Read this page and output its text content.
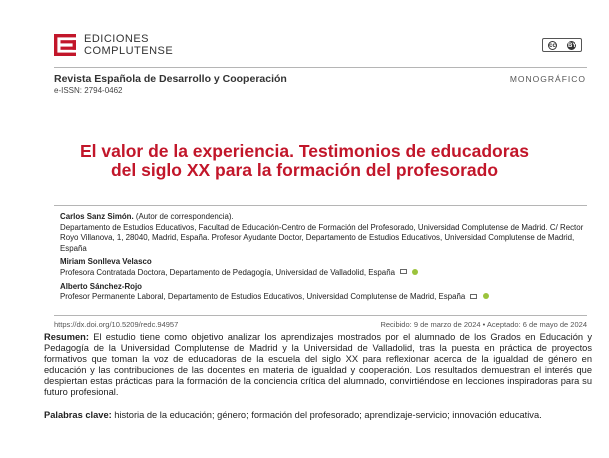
EDICIONES
COMPLUTENSE	cc BY
Revista Española de Desarrollo y Cooperación
e-ISSN: 2794-0462
MONOGRÁFICO
El valor de la experiencia. Testimonios de educadoras
del siglo XX para la formación del profesorado
Carlos Sanz Simón. (Autor de correspondencia).
Departamento de Estudios Educativos, Facultad de Educación-Centro de Formación del Profesorado, Universidad Complutense de Madrid. C/ Rector Royo Villanova, 1, 28040, Madrid, España. Profesor Ayudante Doctor, Departamento de Estudios Educativos, Universidad Complutense de Madrid, España
Miriam Sonlleva Velasco
Profesora Contratada Doctora, Departamento de Pedagogía, Universidad de Valladolid, España
Alberto Sánchez-Rojo
Profesor Permanente Laboral, Departamento de Estudios Educativos, Universidad Complutense de Madrid, España
https://dx.doi.org/10.5209/redc.94957	Recibido: 9 de marzo de 2024 • Aceptado: 6 de mayo de 2024
Resumen: El estudio tiene como objetivo analizar los aprendizajes mostrados por el alumnado de los Grados en Educación y Pedagogía de la Universidad Complutense de Madrid y la Universidad de Valladolid, tras la puesta en práctica de proyectos formativos que toman la voz de educadoras de la escuela del siglo XX para reflexionar acerca de la igualdad de género en educación y las contribuciones de las docentes en materia de igualdad y cooperación. Los resultados demuestran el interés que despiertan estas prácticas para la formación de la conciencia crítica del alumnado, convirtiéndose en lecciones inspiradoras para su futuro profesional.
Palabras clave: historia de la educación; género; formación del profesorado; aprendizaje-servicio; innovación educativa.
